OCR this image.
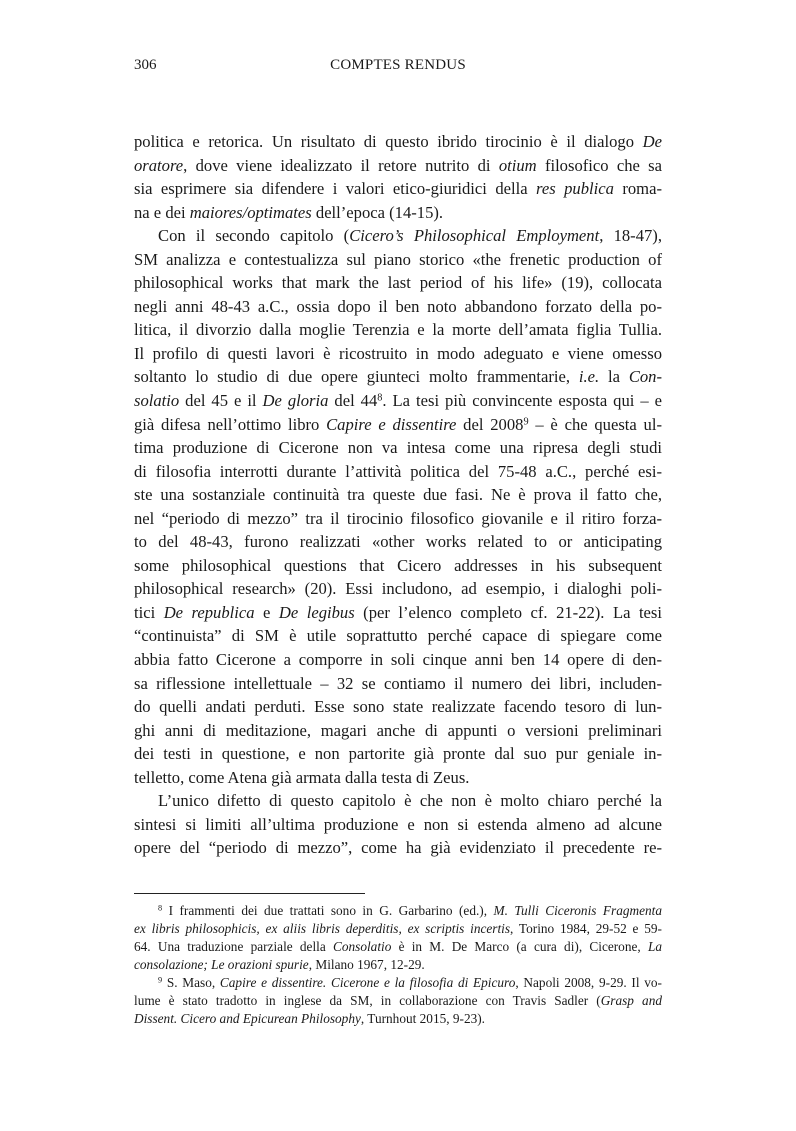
306	COMPTES RENDUS
politica e retorica. Un risultato di questo ibrido tirocinio è il dialogo De
oratore, dove viene idealizzato il retore nutrito di otium filosofico che sa
sia esprimere sia difendere i valori etico-giuridici della res publica roma-
na e dei maiores/optimates dell’epoca (14-15).
Con il secondo capitolo (Cicero’s Philosophical Employment, 18-47),
SM analizza e contestualizza sul piano storico «the frenetic production of
philosophical works that mark the last period of his life» (19), collocata
negli anni 48-43 a.C., ossia dopo il ben noto abbandono forzato della po-
litica, il divorzio dalla moglie Terenzia e la morte dell’amata figlia Tullia.
Il profilo di questi lavori è ricostruito in modo adeguato e viene omesso
soltanto lo studio di due opere giunteci molto frammentarie, i.e. la Con-
solatio del 45 e il De gloria del $44^8$. La tesi più convincente esposta qui – e
già difesa nell’ottimo libro Capire e dissentire del 2008$^9$ – è che questa ul-
tima produzione di Cicerone non va intesa come una ripresa degli studi
di filosofia interrotti durante l’attività politica del 75-48 a.C., perché esi-
ste una sostanziale continuità tra queste due fasi. Ne è prova il fatto che,
nel “periodo di mezzo” tra il tirocinio filosofico giovanile e il ritiro forza-
to del 48-43, furono realizzati «other works related to or anticipating
some philosophical questions that Cicero addresses in his subsequent
philosophical research» (20). Essi includono, ad esempio, i dialoghi poli-
tici De republica e De legibus (per l’elenco completo cf. 21-22). La tesi
“continuista” di SM è utile soprattutto perché capace di spiegare come
abbia fatto Cicerone a comporre in soli cinque anni ben 14 opere di den-
sa riflessione intellettuale – 32 se contiamo il numero dei libri, includen-
do quelli andati perduti. Esse sono state realizzate facendo tesoro di lun-
ghi anni di meditazione, magari anche di appunti o versioni preliminari
dei testi in questione, e non partorite già pronte dal suo pur geniale in-
telletto, come Atena già armata dalla testa di Zeus.
L’unico difetto di questo capitolo è che non è molto chiaro perché la
sintesi si limiti all’ultima produzione e non si estenda almeno ad alcune
opere del “periodo di mezzo”, come ha già evidenziato il precedente re-
$^8$ I frammenti dei due trattati sono in G. Garbarino (ed.), M. Tulli Ciceronis Fragmenta
ex libris philosophicis, ex aliis libris deperditis, ex scriptis incertis, Torino 1984, 29-52 e 59-
64. Una traduzione parziale della Consolatio è in M. De Marco (a cura di), Cicerone, La
consolazione; Le orazioni spurie, Milano 1967, 12-29.
$^9$ S. Maso, Capire e dissentire. Cicerone e la filosofia di Epicuro, Napoli 2008, 9-29. Il vo-
lume è stato tradotto in inglese da SM, in collaborazione con Travis Sadler (Grasp and
Dissent. Cicero and Epicurean Philosophy, Turnhout 2015, 9-23).
